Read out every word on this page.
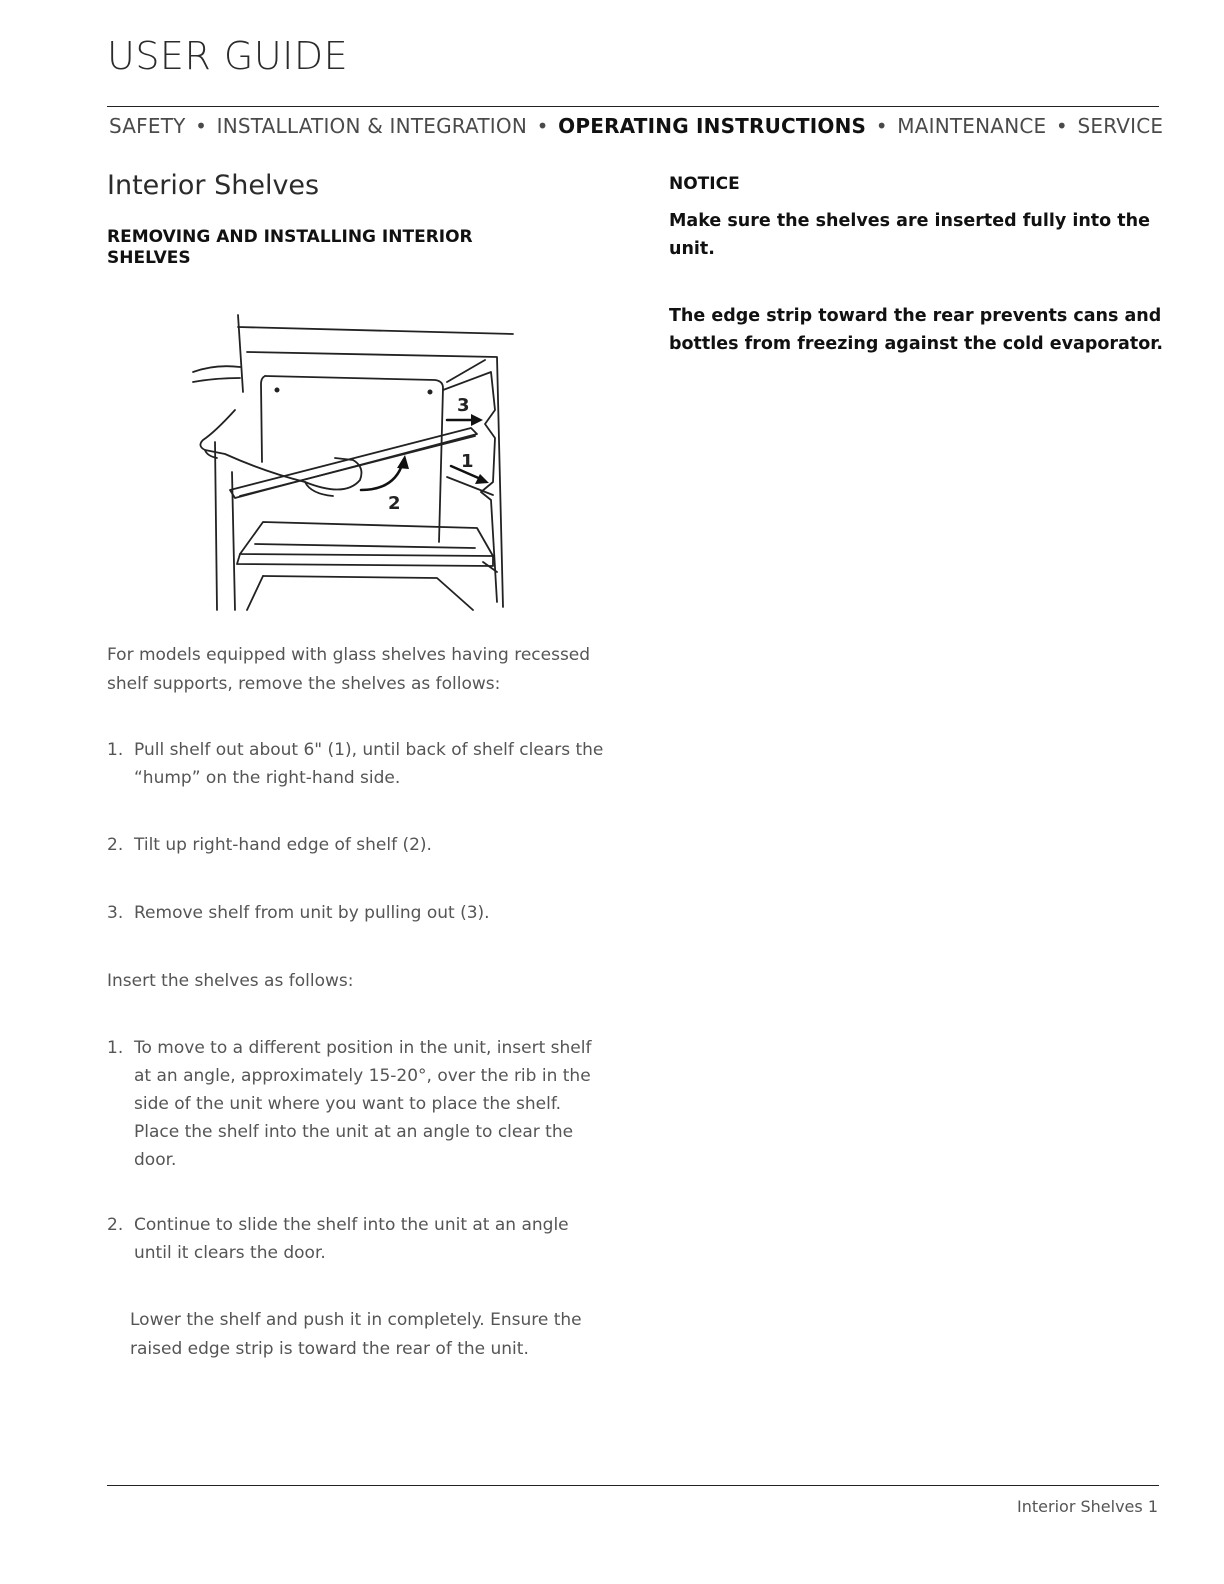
USER GUIDE
SAFETY • INSTALLATION & INTEGRATION • OPERATING INSTRUCTIONS • MAINTENANCE • SERVICE
Interior Shelves
REMOVING AND INSTALLING INTERIOR SHELVES
3
1
2
For models equipped with glass shelves having recessed shelf supports, remove the shelves as follows:
1. Pull shelf out about 6" (1), until back of shelf clears the “hump” on the right-hand side.
2. Tilt up right-hand edge of shelf (2).
3. Remove shelf from unit by pulling out (3).
Insert the shelves as follows:
1. To move to a different position in the unit, insert shelf at an angle, approximately 15-20°, over the rib in the side of the unit where you want to place the shelf. Place the shelf into the unit at an angle to clear the door.
2. Continue to slide the shelf into the unit at an angle until it clears the door.
Lower the shelf and push it in completely. Ensure the raised edge strip is toward the rear of the unit.
NOTICE
Make sure the shelves are inserted fully into the unit.
The edge strip toward the rear prevents cans and bottles from freezing against the cold evaporator.
Interior Shelves 1
